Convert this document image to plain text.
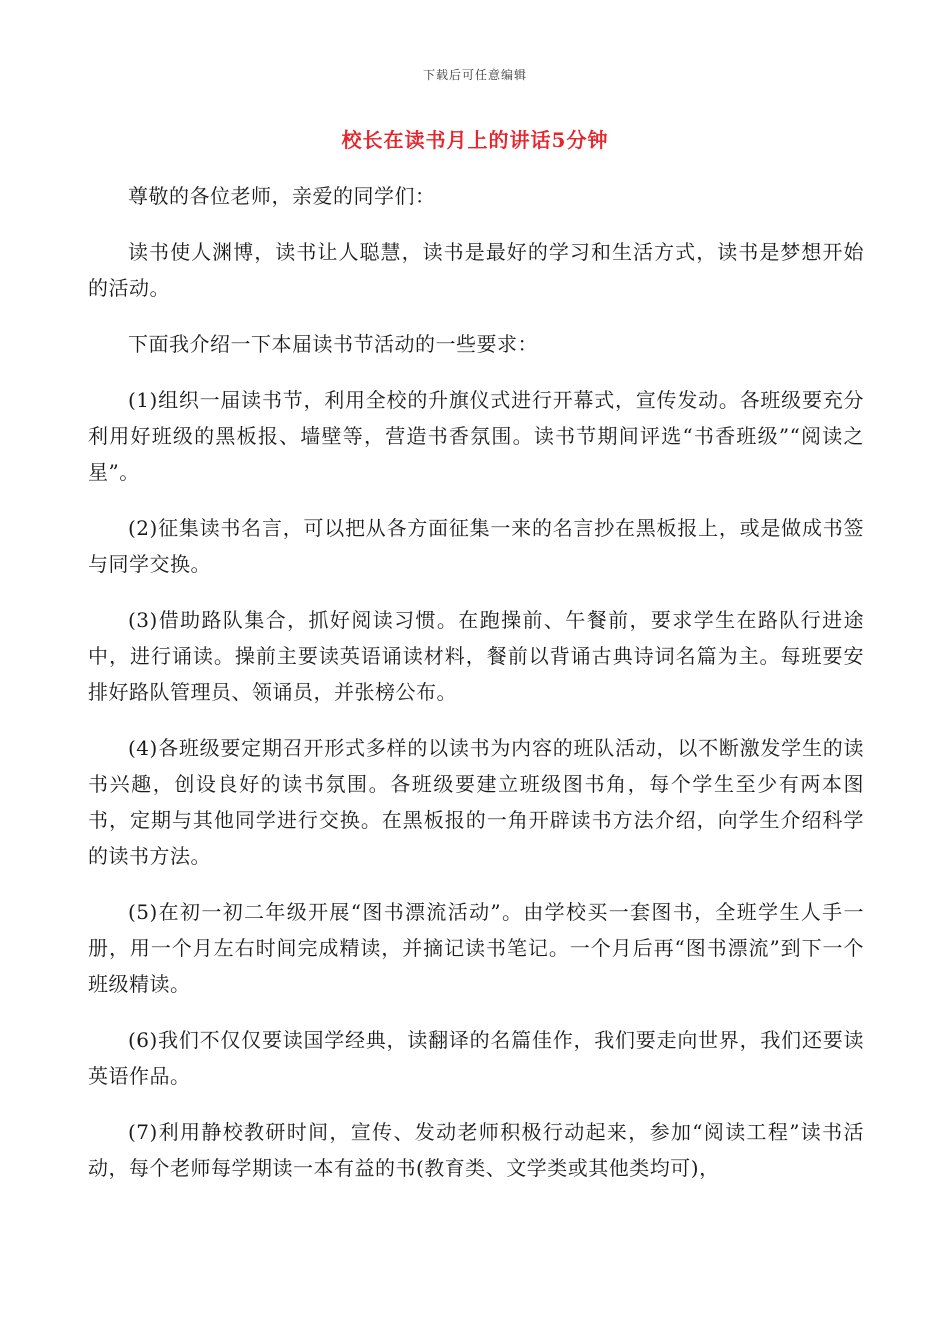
下载后可任意编辑
校长在读书月上的讲话5分钟

尊敬的各位老师，亲爱的同学们：

读书使人渊博，读书让人聪慧，读书是最好的学习和生活方式，读书是梦想开始的活动。

下面我介绍一下本届读书节活动的一些要求：

(1)组织一届读书节，利用全校的升旗仪式进行开幕式，宣传发动。各班级要充分利用好班级的黑板报、墙壁等，营造书香氛围。读书节期间评选“书香班级”“阅读之星”。

(2)征集读书名言，可以把从各方面征集一来的名言抄在黑板报上，或是做成书签与同学交换。

(3)借助路队集合，抓好阅读习惯。在跑操前、午餐前，要求学生在路队行进途中，进行诵读。操前主要读英语诵读材料，餐前以背诵古典诗词名篇为主。每班要安排好路队管理员、领诵员，并张榜公布。

(4)各班级要定期召开形式多样的以读书为内容的班队活动，以不断激发学生的读书兴趣，创设良好的读书氛围。各班级要建立班级图书角，每个学生至少有两本图书，定期与其他同学进行交换。在黑板报的一角开辟读书方法介绍，向学生介绍科学的读书方法。

(5)在初一初二年级开展“图书漂流活动”。由学校买一套图书，全班学生人手一册，用一个月左右时间完成精读，并摘记读书笔记。一个月后再“图书漂流”到下一个班级精读。

(6)我们不仅仅要读国学经典，读翻译的名篇佳作，我们要走向世界，我们还要读英语作品。

(7)利用静校教研时间，宣传、发动老师积极行动起来，参加“阅读工程”读书活动，每个老师每学期读一本有益的书(教育类、文学类或其他类均可)，
